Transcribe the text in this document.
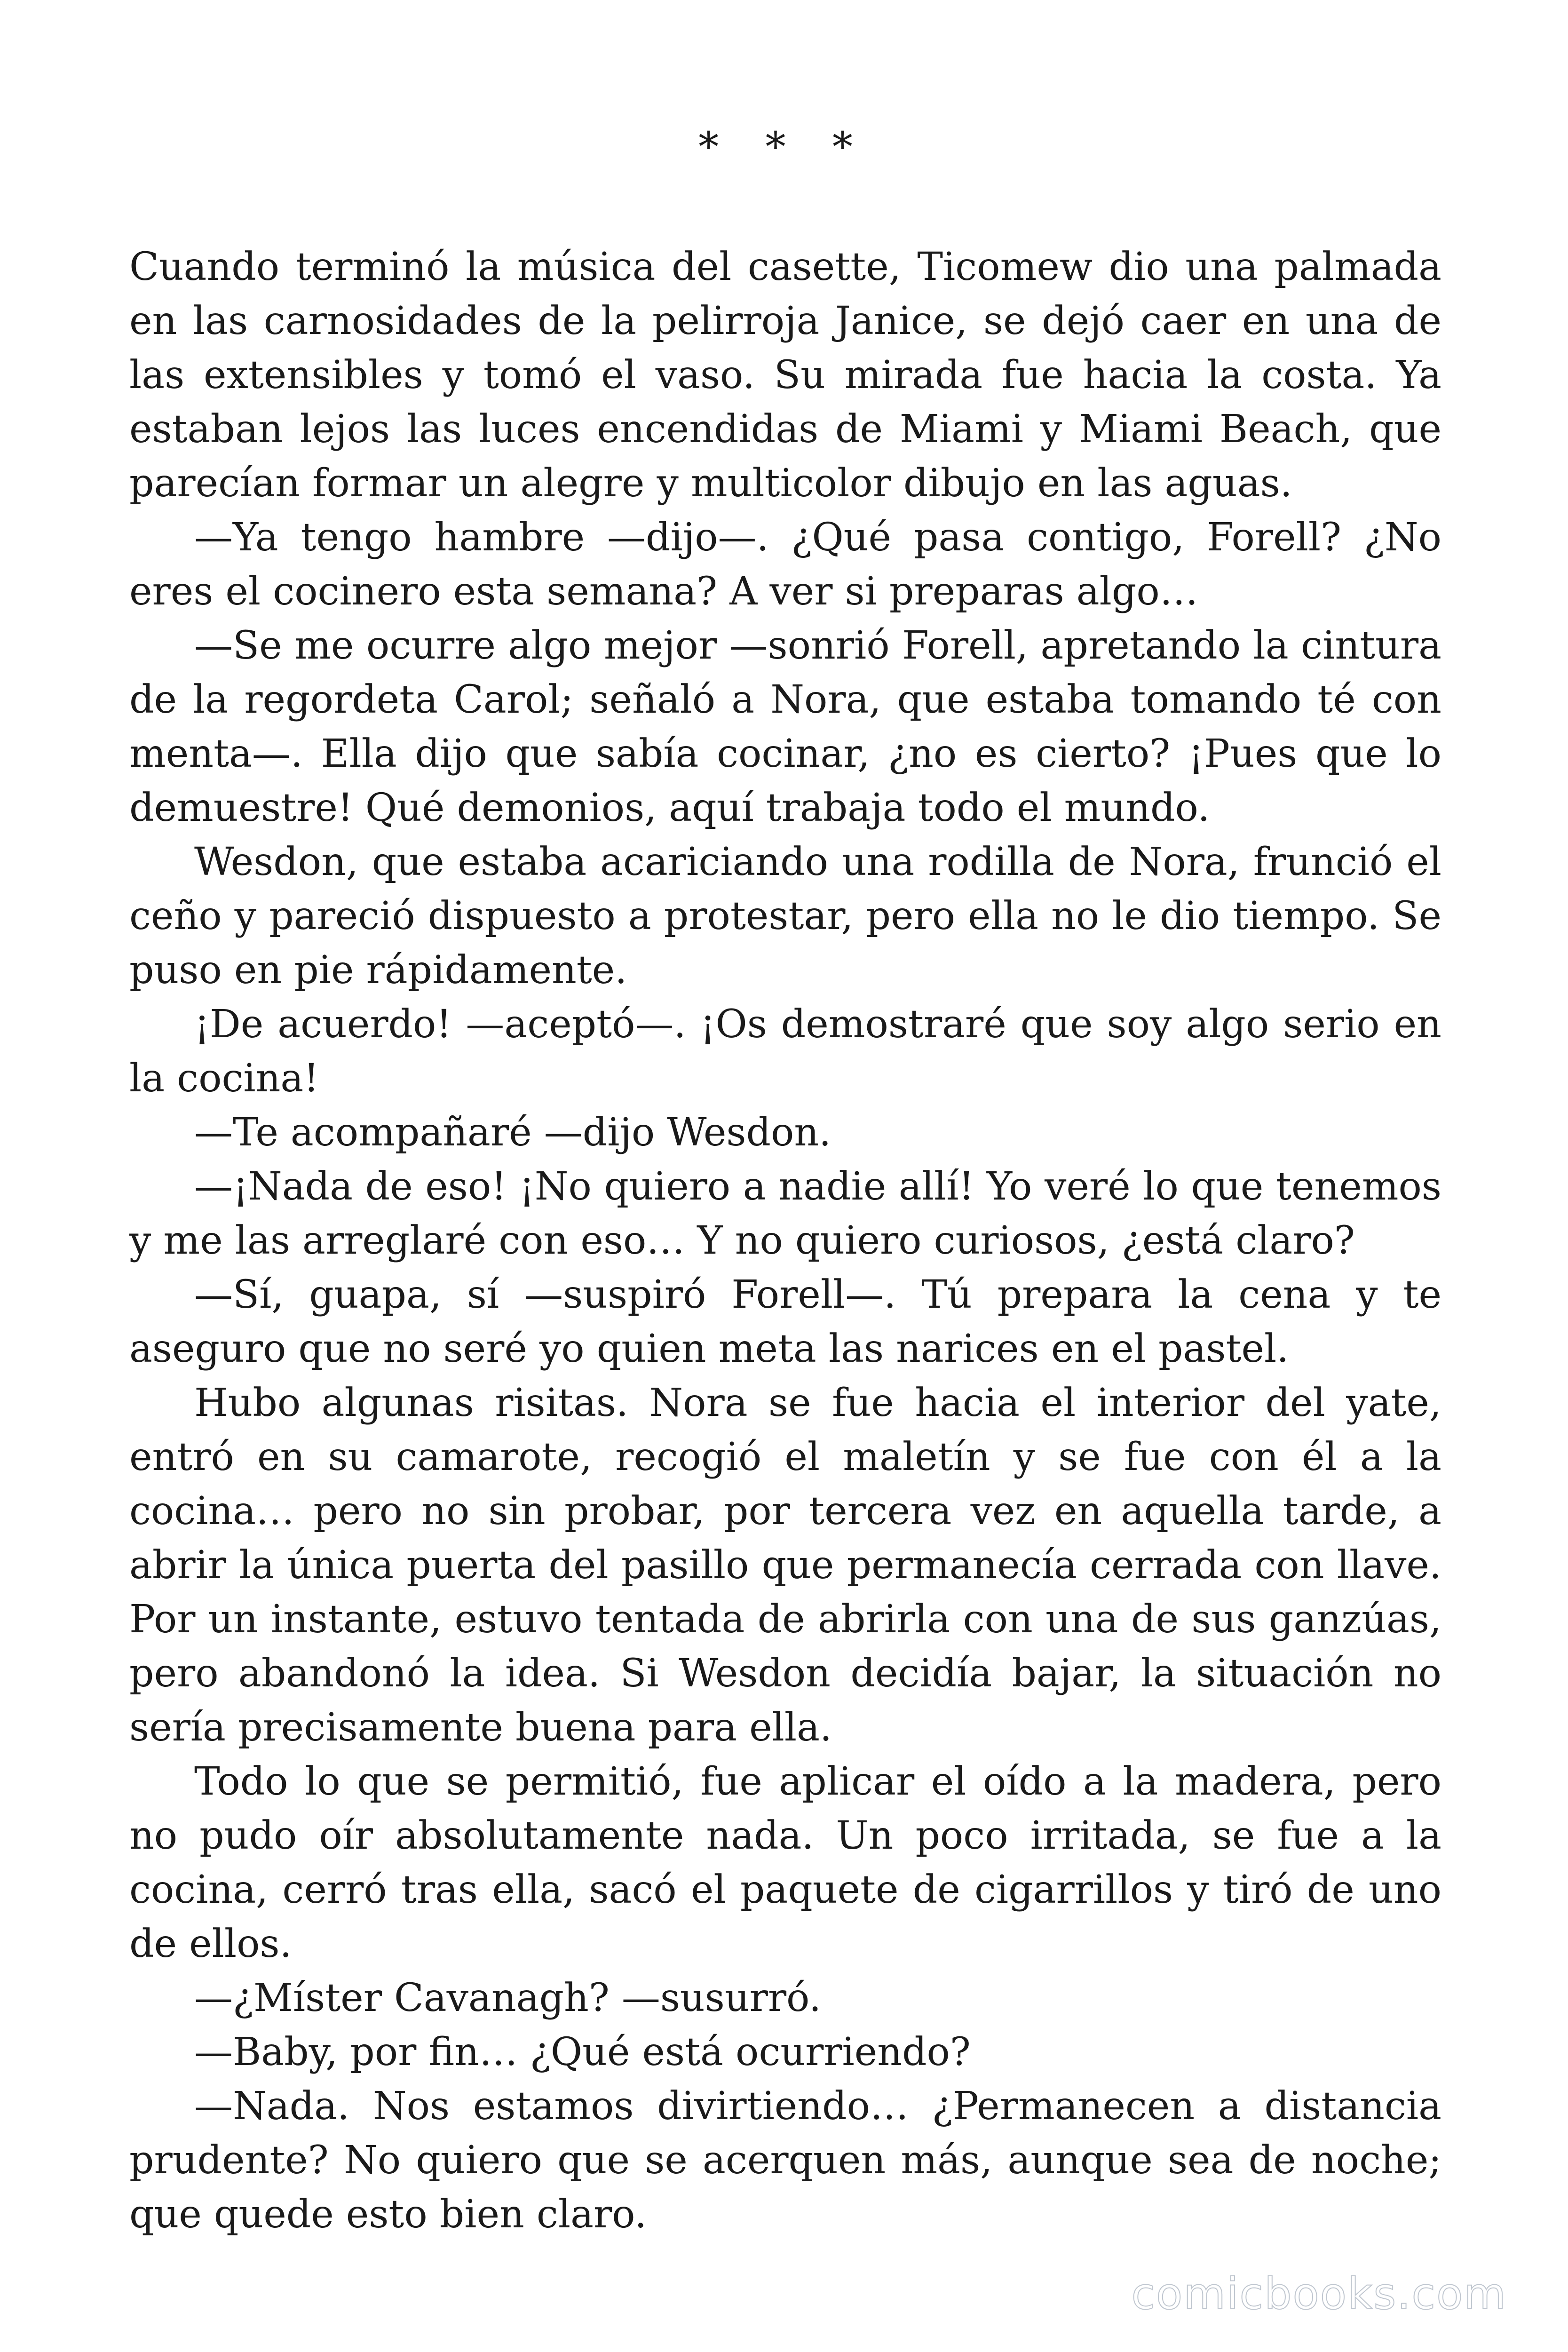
* * *

Cuando terminó la música del casette, Ticomew dio una palmada en las carnosidades de la pelirroja Janice, se dejó caer en una de las extensibles y tomó el vaso. Su mirada fue hacia la costa. Ya estaban lejos las luces encendidas de Miami y Miami Beach, que parecían formar un alegre y multicolor dibujo en las aguas.

—Ya tengo hambre —dijo—. ¿Qué pasa contigo, Forell? ¿No eres el cocinero esta semana? A ver si preparas algo…

—Se me ocurre algo mejor —sonrió Forell, apretando la cintura de la regordeta Carol; señaló a Nora, que estaba tomando té con menta—. Ella dijo que sabía cocinar, ¿no es cierto? ¡Pues que lo demuestre! Qué demonios, aquí trabaja todo el mundo.

Wesdon, que estaba acariciando una rodilla de Nora, frunció el ceño y pareció dispuesto a protestar, pero ella no le dio tiempo. Se puso en pie rápidamente.

¡De acuerdo! —aceptó—. ¡Os demostraré que soy algo serio en la cocina!

—Te acompañaré —dijo Wesdon.

—¡Nada de eso! ¡No quiero a nadie allí! Yo veré lo que tenemos y me las arreglaré con eso… Y no quiero curiosos, ¿está claro?

—Sí, guapa, sí —suspiró Forell—. Tú prepara la cena y te aseguro que no seré yo quien meta las narices en el pastel.

Hubo algunas risitas. Nora se fue hacia el interior del yate, entró en su camarote, recogió el maletín y se fue con él a la cocina… pero no sin probar, por tercera vez en aquella tarde, a abrir la única puerta del pasillo que permanecía cerrada con llave. Por un instante, estuvo tentada de abrirla con una de sus ganzúas, pero abandonó la idea. Si Wesdon decidía bajar, la situación no sería precisamente buena para ella.

Todo lo que se permitió, fue aplicar el oído a la madera, pero no pudo oír absolutamente nada. Un poco irritada, se fue a la cocina, cerró tras ella, sacó el paquete de cigarrillos y tiró de uno de ellos.

—¿Míster Cavanagh? —susurró.

—Baby, por fin… ¿Qué está ocurriendo?

—Nada. Nos estamos divirtiendo… ¿Permanecen a distancia prudente? No quiero que se acerquen más, aunque sea de noche; que quede esto bien claro.

comicbooks.com
